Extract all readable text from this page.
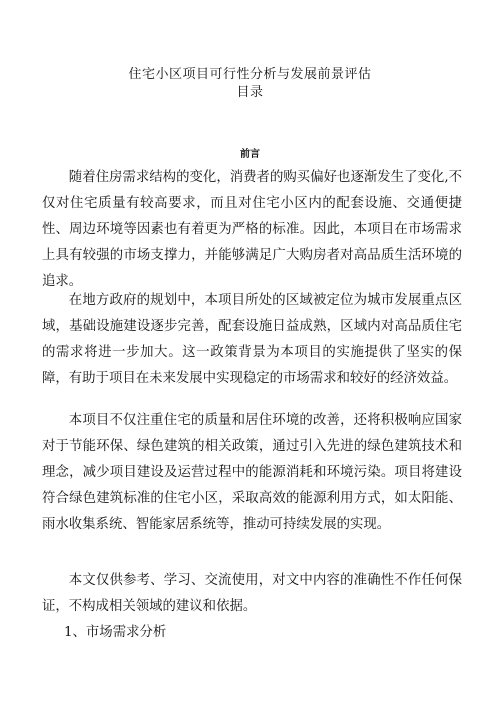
住宅小区项目可行性分析与发展前景评估
目录
前言

随着住房需求结构的变化，消费者的购买偏好也逐渐发生了变化,不仅对住宅质量有较高要求，而且对住宅小区内的配套设施、交通便捷性、周边环境等因素也有着更为严格的标准。因此，本项目在市场需求上具有较强的市场支撑力，并能够满足广大购房者对高品质生活环境的追求。

在地方政府的规划中，本项目所处的区域被定位为城市发展重点区域，基础设施建设逐步完善，配套设施日益成熟，区域内对高品质住宅的需求将进一步加大。这一政策背景为本项目的实施提供了坚实的保障，有助于项目在未来发展中实现稳定的市场需求和较好的经济效益。

本项目不仅注重住宅的质量和居住环境的改善，还将积极响应国家对于节能环保、绿色建筑的相关政策，通过引入先进的绿色建筑技术和理念，减少项目建设及运营过程中的能源消耗和环境污染。项目将建设符合绿色建筑标准的住宅小区，采取高效的能源利用方式，如太阳能、雨水收集系统、智能家居系统等，推动可持续发展的实现。

本文仅供参考、学习、交流使用，对文中内容的准确性不作任何保证，不构成相关领域的建议和依据。

1、市场需求分析
